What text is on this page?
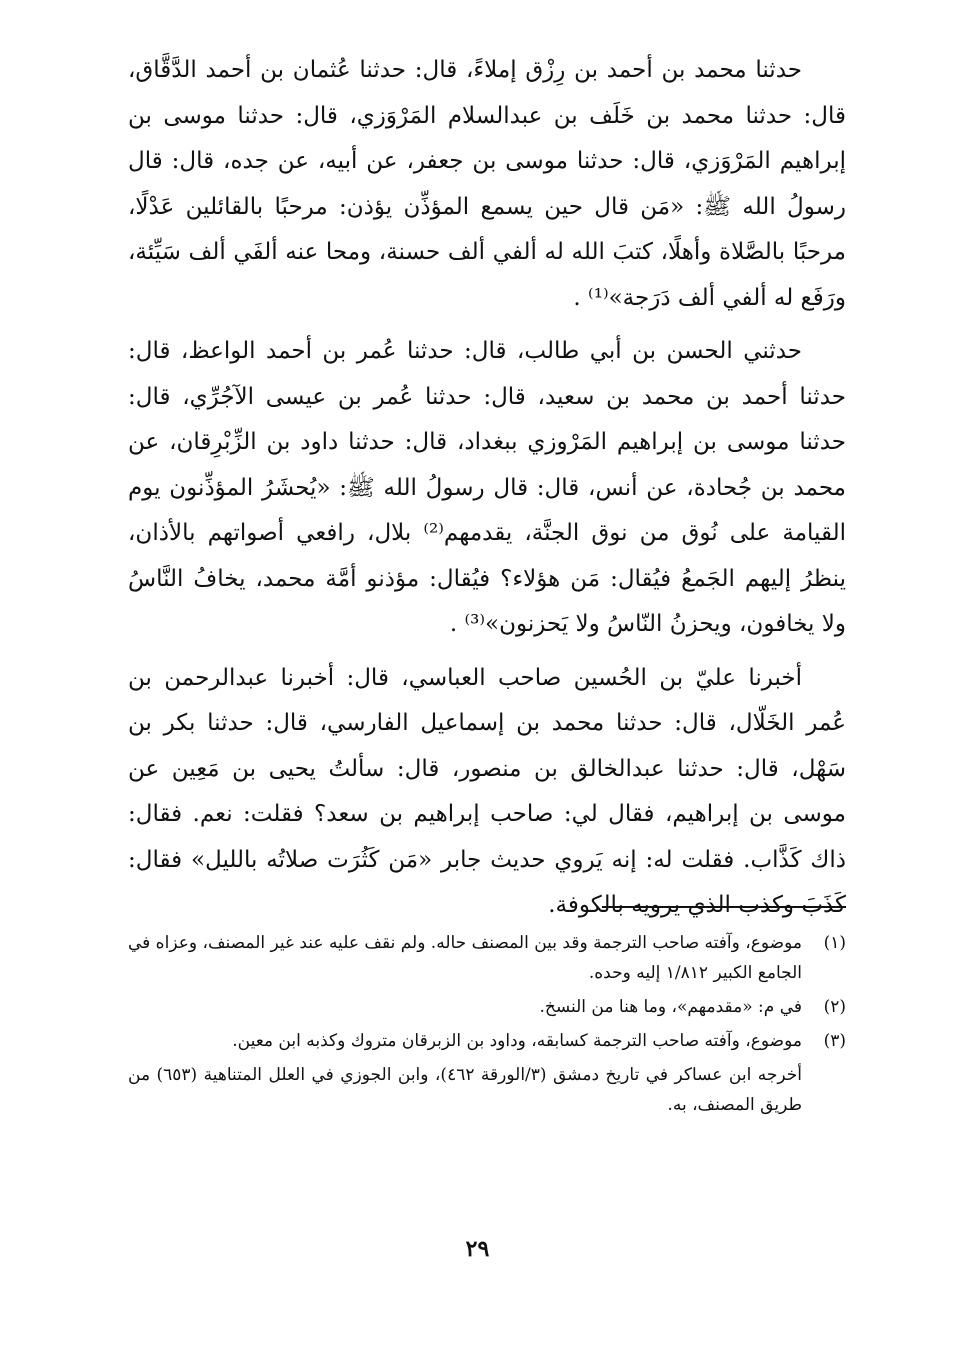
حدثنا محمد بن أحمد بن رِزْق إملاءً، قال: حدثنا عُثمان بن أحمد الدَّقَّاق، قال: حدثنا محمد بن خَلَف بن عبدالسلام المَرْوَزي، قال: حدثنا موسى بن إبراهيم المَرْوَزي، قال: حدثنا موسى بن جعفر، عن أبيه، عن جده، قال: قال رسولُ الله ﷺ: «مَن قال حين يسمع المؤذِّن يؤذن: مرحبًا بالقائلين عَدْلًا، مرحبًا بالصَّلاة وأهلًا، كتبَ الله له ألفي ألف حسنة، ومحا عنه ألفَي ألف سَيِّئة، ورَفَع له ألفي ألف دَرَجة»⁽¹⁾ .

حدثني الحسن بن أبي طالب، قال: حدثنا عُمر بن أحمد الواعظ، قال: حدثنا أحمد بن محمد بن سعيد، قال: حدثنا عُمر بن عيسى الآجُرِّي، قال: حدثنا موسى بن إبراهيم المَرْوزي ببغداد، قال: حدثنا داود بن الزِّبْرِقان، عن محمد بن جُحادة، عن أنس، قال: قال رسولُ الله ﷺ: «يُحشَرُ المؤذِّنون يوم القيامة على نُوق من نوق الجنَّة، يقدمهم⁽²⁾ بلال، رافعي أصواتهم بالأذان، ينظرُ إليهم الجَمعُ فيُقال: مَن هؤلاء؟ فيُقال: مؤذنو أمَّة محمد، يخافُ النَّاسُ ولا يخافون، ويحزنُ النّاسُ ولا يَحزنون»⁽³⁾ .

أخبرنا عليّ بن الحُسين صاحب العباسي، قال: أخبرنا عبدالرحمن بن عُمر الخَلّال، قال: حدثنا محمد بن إسماعيل الفارسي، قال: حدثنا بكر بن سَهْل، قال: حدثنا عبدالخالق بن منصور، قال: سألتُ يحيى بن مَعِين عن موسى بن إبراهيم، فقال لي: صاحب إبراهيم بن سعد؟ فقلت: نعم. فقال: ذاك كَذَّاب. فقلت له: إنه يَروي حديث جابر «مَن كَثُرَت صلاتُه بالليل» فقال: كَذَبَ وكذب الذي يرويه بالكوفة.

(١)
موضوع، وآفته صاحب الترجمة وقد بين المصنف حاله. ولم نقف عليه عند غير المصنف، وعزاه في الجامع الكبير ١/٨١٢ إليه وحده.
(٢)
في م: «مقدمهم»، وما هنا من النسخ.
(٣)
موضوع، وآفته صاحب الترجمة كسابقه، وداود بن الزبرقان متروك وكذبه ابن معين.
أخرجه ابن عساكر في تاريخ دمشق (٣/الورقة ٤٦٢)، وابن الجوزي في العلل المتناهية (٦٥٣) من طريق المصنف، به.
٢٩
